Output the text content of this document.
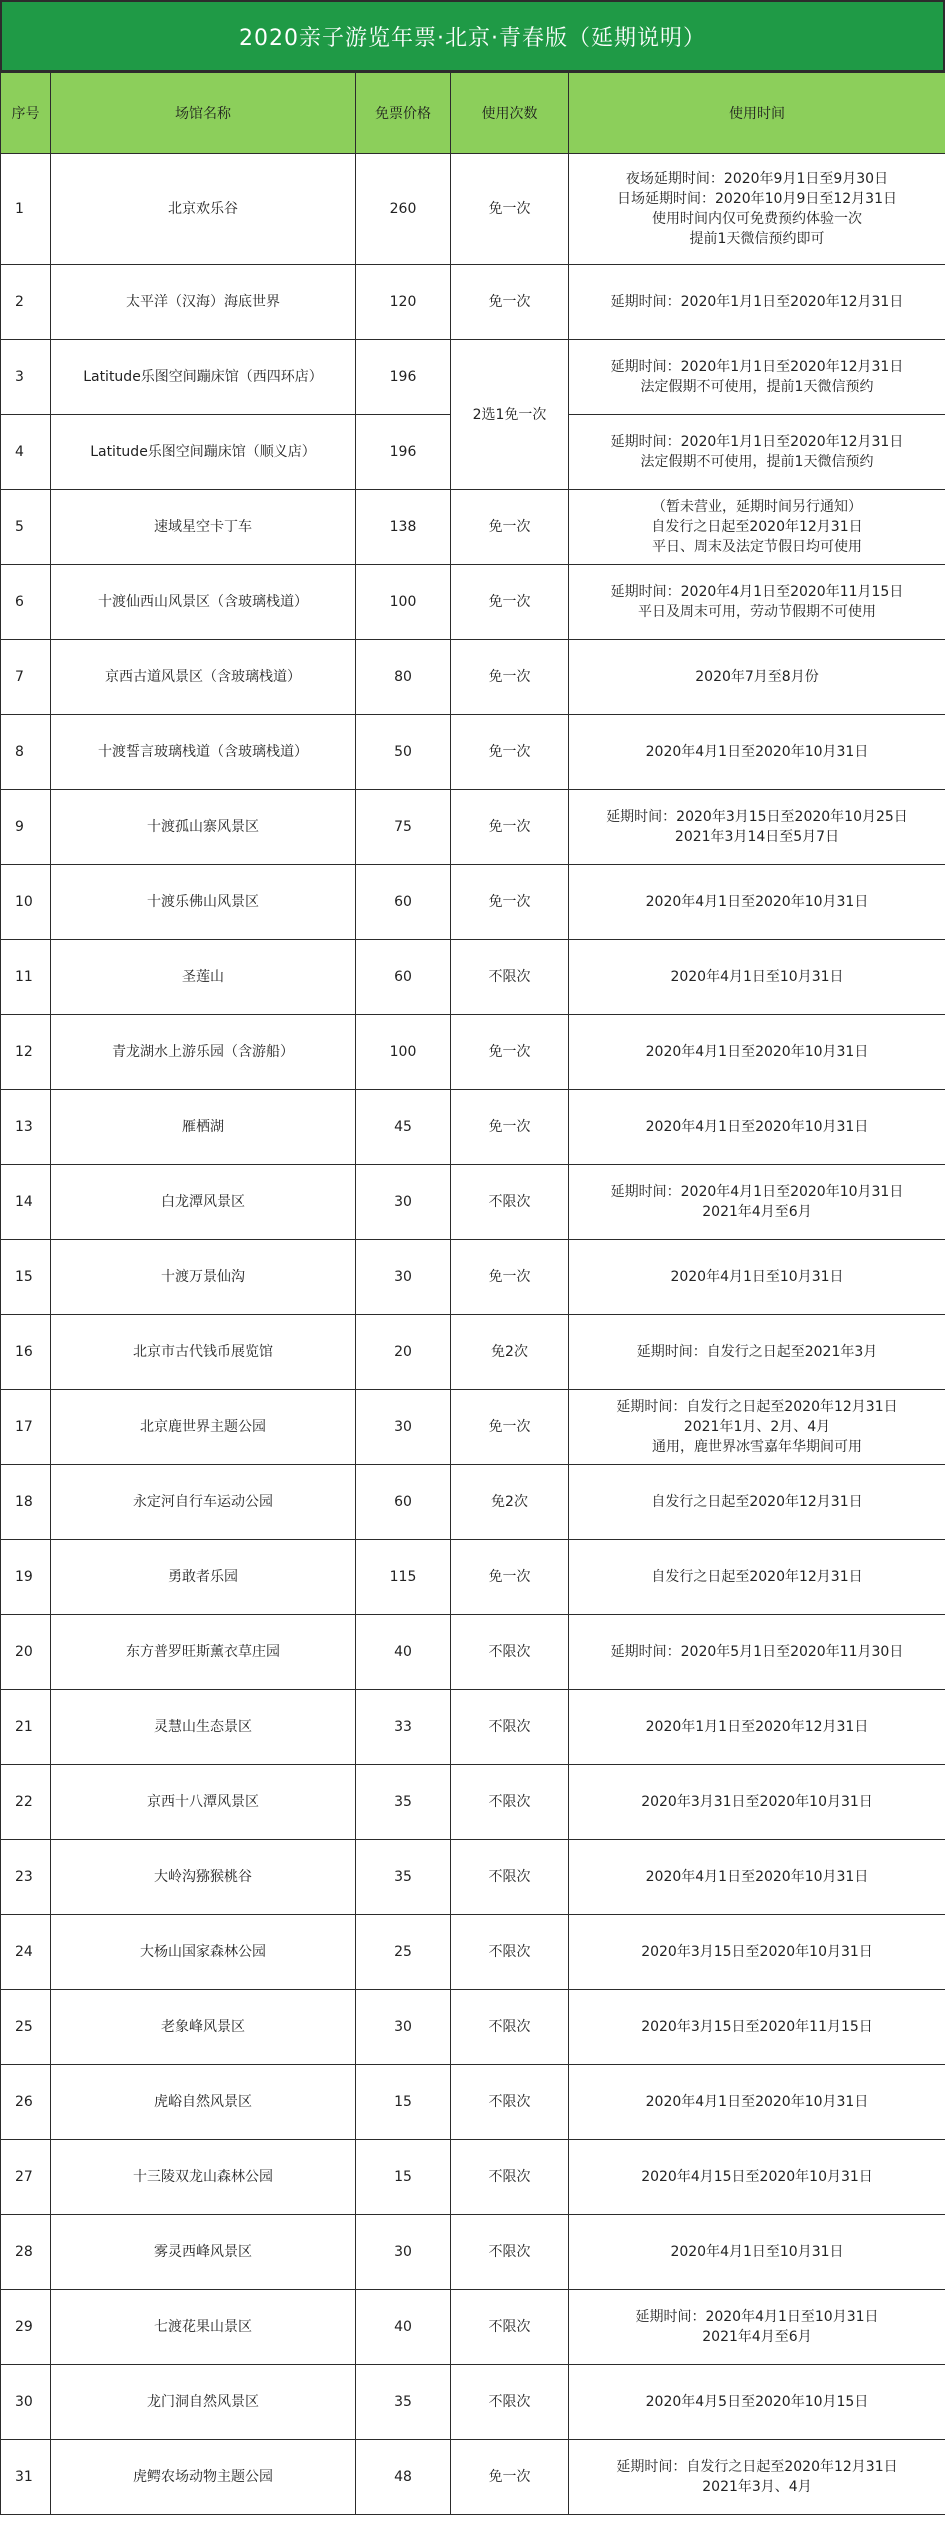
2020亲子游览年票·北京·青春版（延期说明）
序号	场馆名称	免票价格	使用次数	使用时间
1	北京欢乐谷	260	免一次	夜场延期时间：2020年9月1日至9月30日
日场延期时间：2020年10月9日至12月31日
使用时间内仅可免费预约体验一次
提前1天微信预约即可
2	太平洋（汉海）海底世界	120	免一次	延期时间：2020年1月1日至2020年12月31日
3	Latitude乐图空间蹦床馆（西四环店）	196	2选1免一次	延期时间：2020年1月1日至2020年12月31日
法定假期不可使用，提前1天微信预约
4	Latitude乐图空间蹦床馆（顺义店）	196		延期时间：2020年1月1日至2020年12月31日
法定假期不可使用，提前1天微信预约
5	速域星空卡丁车	138	免一次	（暂未营业，延期时间另行通知）
自发行之日起至2020年12月31日
平日、周末及法定节假日均可使用
6	十渡仙西山风景区（含玻璃栈道）	100	免一次	延期时间：2020年4月1日至2020年11月15日
平日及周末可用，劳动节假期不可使用
7	京西古道风景区（含玻璃栈道）	80	免一次	2020年7月至8月份
8	十渡誓言玻璃栈道（含玻璃栈道）	50	免一次	2020年4月1日至2020年10月31日
9	十渡孤山寨风景区	75	免一次	延期时间：2020年3月15日至2020年10月25日
2021年3月14日至5月7日
10	十渡乐佛山风景区	60	免一次	2020年4月1日至2020年10月31日
11	圣莲山	60	不限次	2020年4月1日至10月31日
12	青龙湖水上游乐园（含游船）	100	免一次	2020年4月1日至2020年10月31日
13	雁栖湖	45	免一次	2020年4月1日至2020年10月31日
14	白龙潭风景区	30	不限次	延期时间：2020年4月1日至2020年10月31日
2021年4月至6月
15	十渡万景仙沟	30	免一次	2020年4月1日至10月31日
16	北京市古代钱币展览馆	20	免2次	延期时间：自发行之日起至2021年3月
17	北京鹿世界主题公园	30	免一次	延期时间：自发行之日起至2020年12月31日
2021年1月、2月、4月
通用，鹿世界冰雪嘉年华期间可用
18	永定河自行车运动公园	60	免2次	自发行之日起至2020年12月31日
19	勇敢者乐园	115	免一次	自发行之日起至2020年12月31日
20	东方普罗旺斯薰衣草庄园	40	不限次	延期时间：2020年5月1日至2020年11月30日
21	灵慧山生态景区	33	不限次	2020年1月1日至2020年12月31日
22	京西十八潭风景区	35	不限次	2020年3月31日至2020年10月31日
23	大岭沟猕猴桃谷	35	不限次	2020年4月1日至2020年10月31日
24	大杨山国家森林公园	25	不限次	2020年3月15日至2020年10月31日
25	老象峰风景区	30	不限次	2020年3月15日至2020年11月15日
26	虎峪自然风景区	15	不限次	2020年4月1日至2020年10月31日
27	十三陵双龙山森林公园	15	不限次	2020年4月15日至2020年10月31日
28	雾灵西峰风景区	30	不限次	2020年4月1日至10月31日
29	七渡花果山景区	40	不限次	延期时间：2020年4月1日至10月31日
2021年4月至6月
30	龙门洞自然风景区	35	不限次	2020年4月5日至2020年10月15日
31	虎鳄农场动物主题公园	48	免一次	延期时间：自发行之日起至2020年12月31日
2021年3月、4月
